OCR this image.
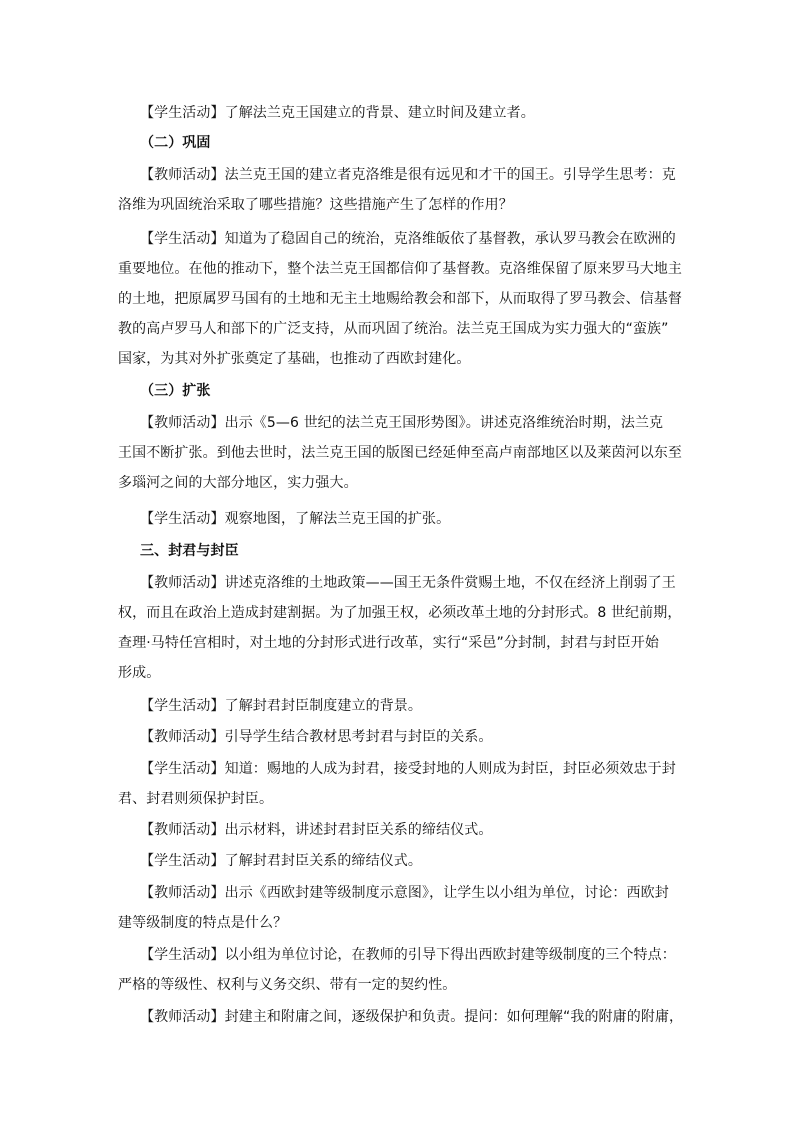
【学生活动】了解法兰克王国建立的背景、建立时间及建立者。

（二）巩固

【教师活动】法兰克王国的建立者克洛维是很有远见和才干的国王。引导学生思考：克
洛维为巩固统治采取了哪些措施？这些措施产生了怎样的作用？

【学生活动】知道为了稳固自己的统治，克洛维皈依了基督教，承认罗马教会在欧洲的
重要地位。在他的推动下，整个法兰克王国都信仰了基督教。克洛维保留了原来罗马大地主
的土地，把原属罗马国有的土地和无主土地赐给教会和部下，从而取得了罗马教会、信基督
教的高卢罗马人和部下的广泛支持，从而巩固了统治。法兰克王国成为实力强大的“蛮族”
国家，为其对外扩张奠定了基础，也推动了西欧封建化。

（三）扩张

【教师活动】出示《5—6 世纪的法兰克王国形势图》。讲述克洛维统治时期，法兰克
王国不断扩张。到他去世时，法兰克王国的版图已经延伸至高卢南部地区以及莱茵河以东至
多瑙河之间的大部分地区，实力强大。

【学生活动】观察地图，了解法兰克王国的扩张。

三、封君与封臣

【教师活动】讲述克洛维的土地政策——国王无条件赏赐土地，不仅在经济上削弱了王
权，而且在政治上造成封建割据。为了加强王权，必须改革土地的分封形式。8 世纪前期，
查理·马特任宫相时，对土地的分封形式进行改革，实行“采邑”分封制，封君与封臣开始
形成。

【学生活动】了解封君封臣制度建立的背景。

【教师活动】引导学生结合教材思考封君与封臣的关系。

【学生活动】知道：赐地的人成为封君，接受封地的人则成为封臣，封臣必须效忠于封
君、封君则须保护封臣。

【教师活动】出示材料，讲述封君封臣关系的缔结仪式。

【学生活动】了解封君封臣关系的缔结仪式。

【教师活动】出示《西欧封建等级制度示意图》，让学生以小组为单位，讨论：西欧封
建等级制度的特点是什么？

【学生活动】以小组为单位讨论，在教师的引导下得出西欧封建等级制度的三个特点：
严格的等级性、权利与义务交织、带有一定的契约性。

【教师活动】封建主和附庸之间，逐级保护和负责。提问：如何理解“我的附庸的附庸，
